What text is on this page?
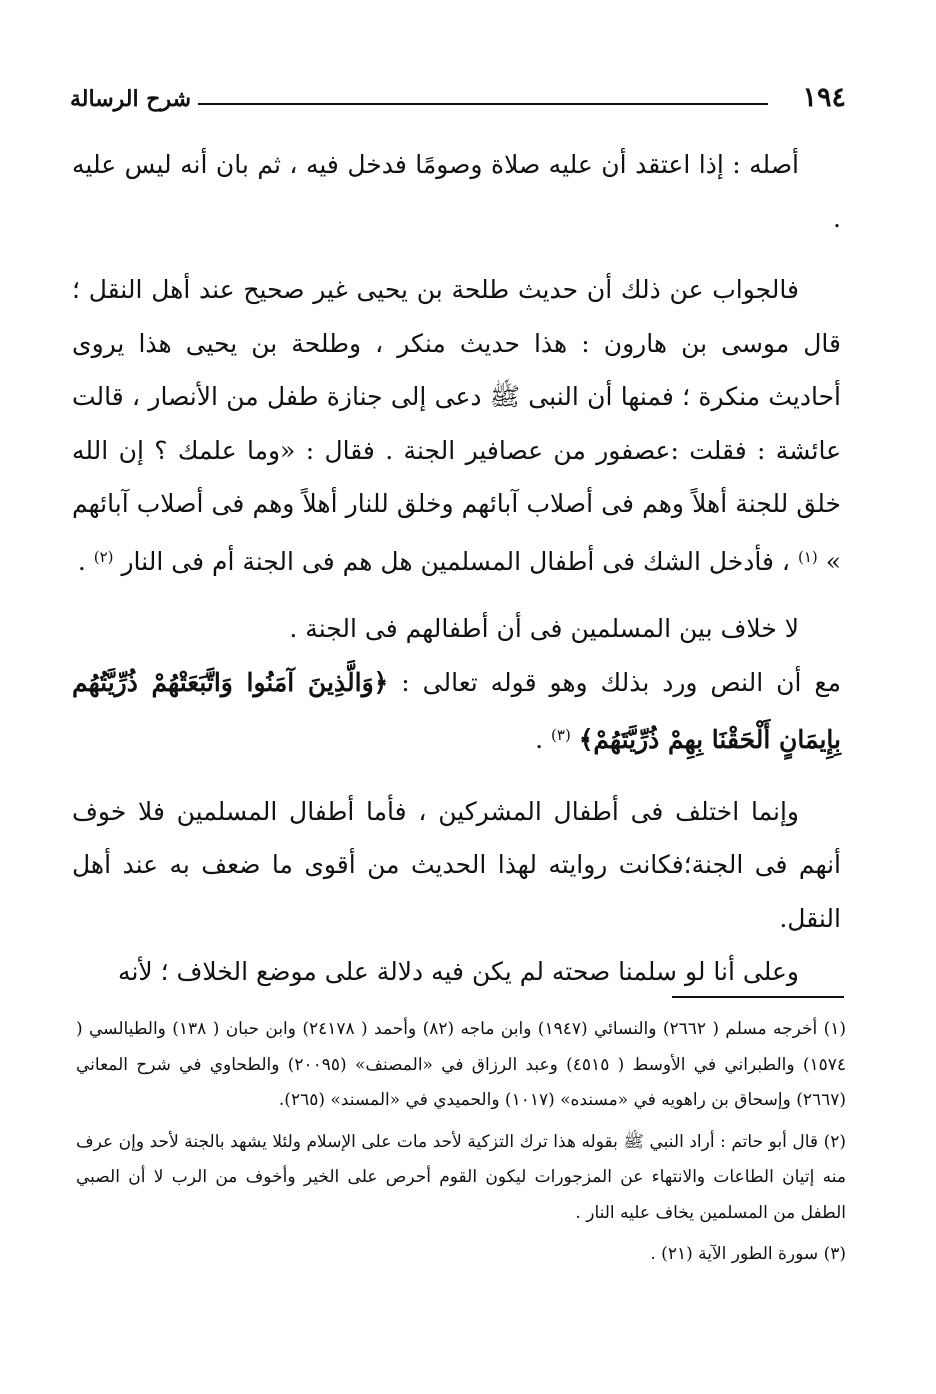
١٩٤
شرح الرسالة

أصله : إذا اعتقد أن عليه صلاة وصومًا فدخل فيه ، ثم بان أنه ليس عليه .

فالجواب عن ذلك أن حديث طلحة بن يحيى غير صحيح عند أهل النقل ؛ قال موسى بن هارون : هذا حديث منكر ، وطلحة بن يحيى هذا يروى أحاديث منكرة ؛ فمنها أن النبى ﷺ دعى إلى جنازة طفل من الأنصار ، قالت عائشة : فقلت :عصفور من عصافير الجنة . فقال : «وما علمك ؟ إن الله خلق للجنة أهلاً وهم فى أصلاب آبائهم وخلق للنار أهلاً وهم فى أصلاب آبائهم » $^{(١)}$ ، فأدخل الشك فى أطفال المسلمين هل هم فى الجنة أم فى النار $^{(٢)}$ .

لا خلاف بين المسلمين فى أن أطفالهم فى الجنة .

مع أن النص ورد بذلك وهو قوله تعالى : ﴿وَالَّذِينَ آمَنُوا وَاتَّبَعَتْهُمْ ذُرِّيَّتُهُم بِإِيمَانٍ أَلْحَقْنَا بِهِمْ ذُرِّيَّتَهُمْ﴾ $^{(٣)}$ .

وإنما اختلف فى أطفال المشركين ، فأما أطفال المسلمين فلا خوف أنهم فى الجنة؛فكانت روايته لهذا الحديث من أقوى ما ضعف به عند أهل النقل.

وعلى أنا لو سلمنا صحته لم يكن فيه دلالة على موضع الخلاف ؛ لأنه

(١) أخرجه مسلم ( ٢٦٦٢) والنسائي (١٩٤٧) وابن ماجه (٨٢) وأحمد ( ٢٤١٧٨) وابن حبان ( ١٣٨) والطيالسي ( ١٥٧٤) والطبراني في الأوسط ( ٤٥١٥) وعبد الرزاق في «المصنف» (٢٠٠٩٥) والطحاوي في شرح المعاني (٢٦٦٧) وإسحاق بن راهويه في «مسنده» (١٠١٧) والحميدي في «المسند» (٢٦٥).

(٢) قال أبو حاتم : أراد النبي ﷺ بقوله هذا ترك التزكية لأحد مات على الإسلام ولئلا يشهد بالجنة لأحد وإن عرف منه إتيان الطاعات والانتهاء عن المزجورات ليكون القوم أحرص على الخير وأخوف من الرب لا أن الصبي الطفل من المسلمين يخاف عليه النار .

(٣) سورة الطور الآية (٢١) .
